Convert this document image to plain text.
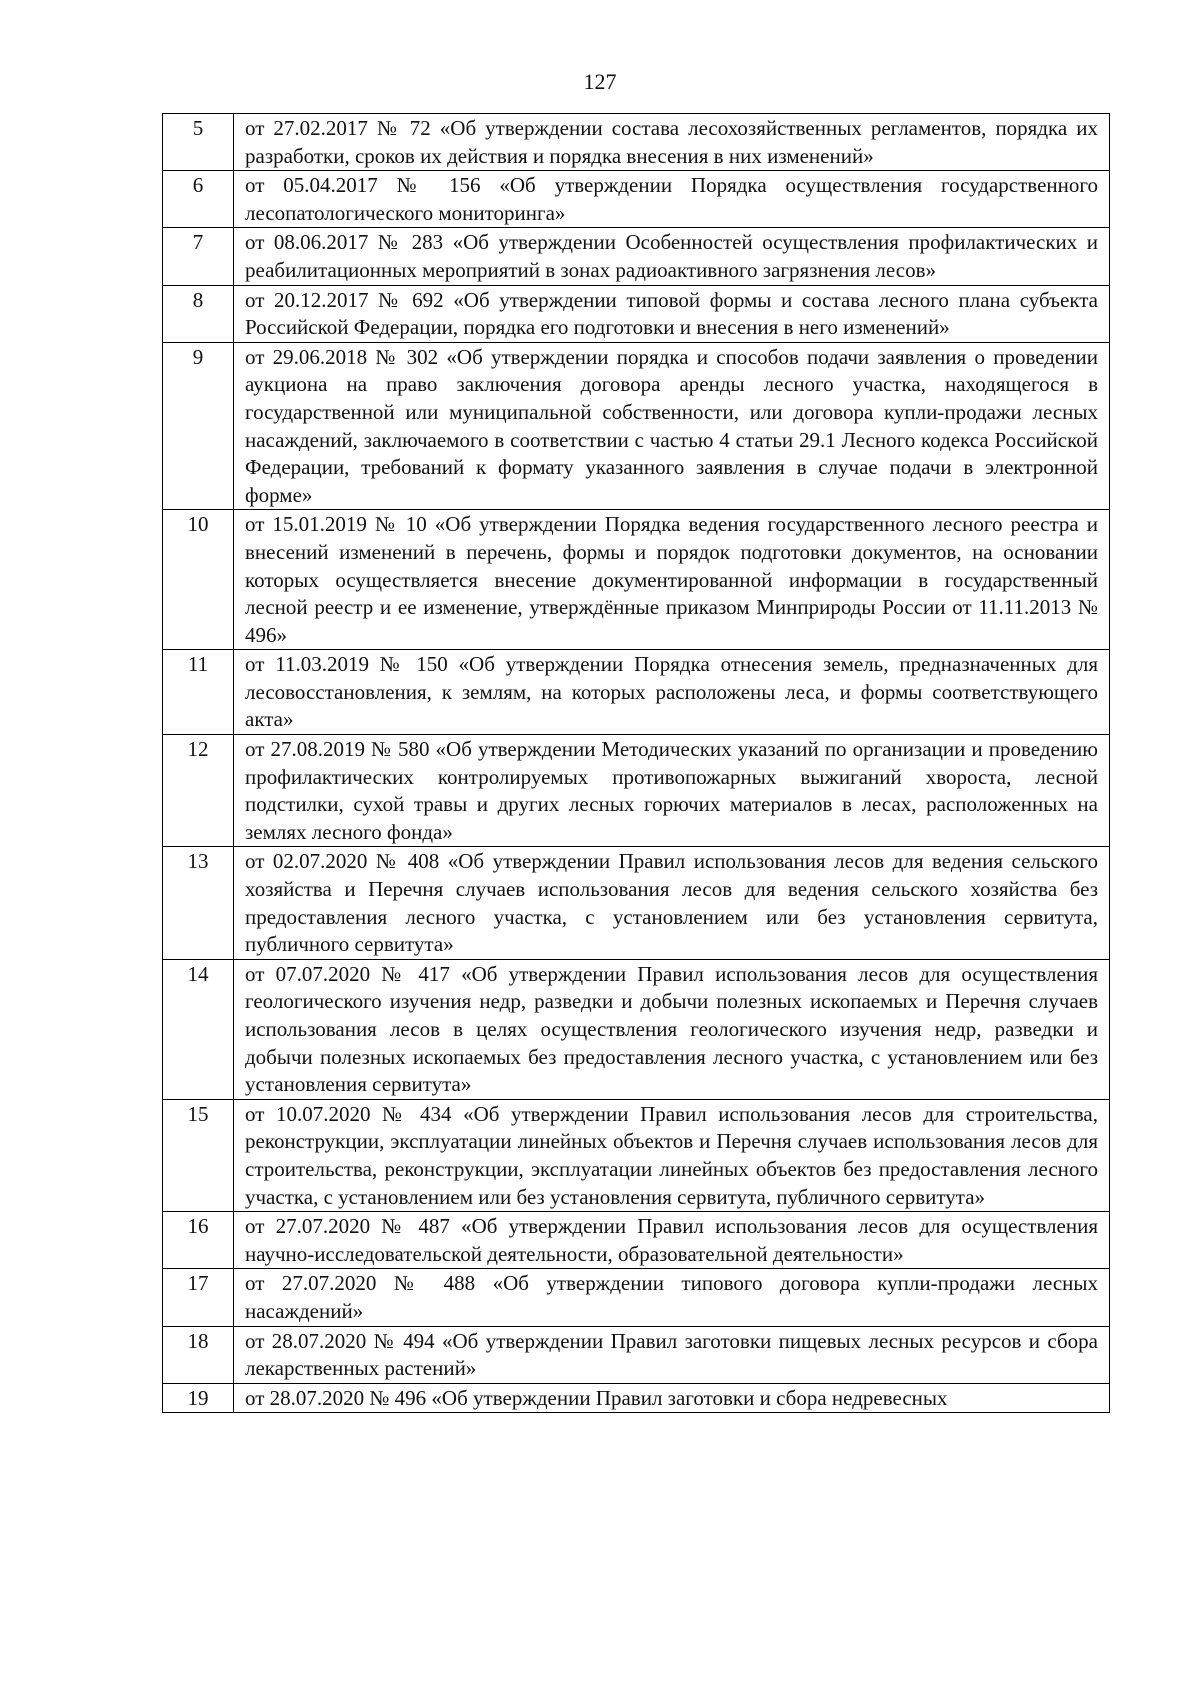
127
5	от 27.02.2017 № 72 «Об утверждении состава лесохозяйственных регламентов, порядка их разработки, сроков их действия и порядка внесения в них изменений»
6	от 05.04.2017 № 156 «Об утверждении Порядка осуществления государственного лесопатологического мониторинга»
7	от 08.06.2017 № 283 «Об утверждении Особенностей осуществления профилактических и реабилитационных мероприятий в зонах радиоактивного загрязнения лесов»
8	от 20.12.2017 № 692 «Об утверждении типовой формы и состава лесного плана субъекта Российской Федерации, порядка его подготовки и внесения в него изменений»
9	от 29.06.2018 № 302 «Об утверждении порядка и способов подачи заявления о проведении аукциона на право заключения договора аренды лесного участка, находящегося в государственной или муниципальной собственности, или договора купли-продажи лесных насаждений, заключаемого в соответствии с частью 4 статьи 29.1 Лесного кодекса Российской Федерации, требований к формату указанного заявления в случае подачи в электронной форме»
10	от 15.01.2019 № 10 «Об утверждении Порядка ведения государственного лесного реестра и внесений изменений в перечень, формы и порядок подготовки документов, на основании которых осуществляется внесение документированной информации в государственный лесной реестр и ее изменение, утверждённые приказом Минприроды России от 11.11.2013 № 496»
11	от 11.03.2019 № 150 «Об утверждении Порядка отнесения земель, предназначенных для лесовосстановления, к землям, на которых расположены леса, и формы соответствующего акта»
12	от 27.08.2019 № 580 «Об утверждении Методических указаний по организации и проведению профилактических контролируемых противопожарных выжиганий хвороста, лесной подстилки, сухой травы и других лесных горючих материалов в лесах, расположенных на землях лесного фонда»
13	от 02.07.2020 № 408 «Об утверждении Правил использования лесов для ведения сельского хозяйства и Перечня случаев использования лесов для ведения сельского хозяйства без предоставления лесного участка, с установлением или без установления сервитута, публичного сервитута»
14	от 07.07.2020 № 417 «Об утверждении Правил использования лесов для осуществления геологического изучения недр, разведки и добычи полезных ископаемых и Перечня случаев использования лесов в целях осуществления геологического изучения недр, разведки и добычи полезных ископаемых без предоставления лесного участка, с установлением или без установления сервитута»
15	от 10.07.2020 № 434 «Об утверждении Правил использования лесов для строительства, реконструкции, эксплуатации линейных объектов и Перечня случаев использования лесов для строительства, реконструкции, эксплуатации линейных объектов без предоставления лесного участка, с установлением или без установления сервитута, публичного сервитута»
16	от 27.07.2020 № 487 «Об утверждении Правил использования лесов для осуществления научно-исследовательской деятельности, образовательной деятельности»
17	от 27.07.2020 № 488 «Об утверждении типового договора купли-продажи лесных насаждений»
18	от 28.07.2020 № 494 «Об утверждении Правил заготовки пищевых лесных ресурсов и сбора лекарственных растений»
19	от 28.07.2020 № 496 «Об утверждении Правил заготовки и сбора недревесных
